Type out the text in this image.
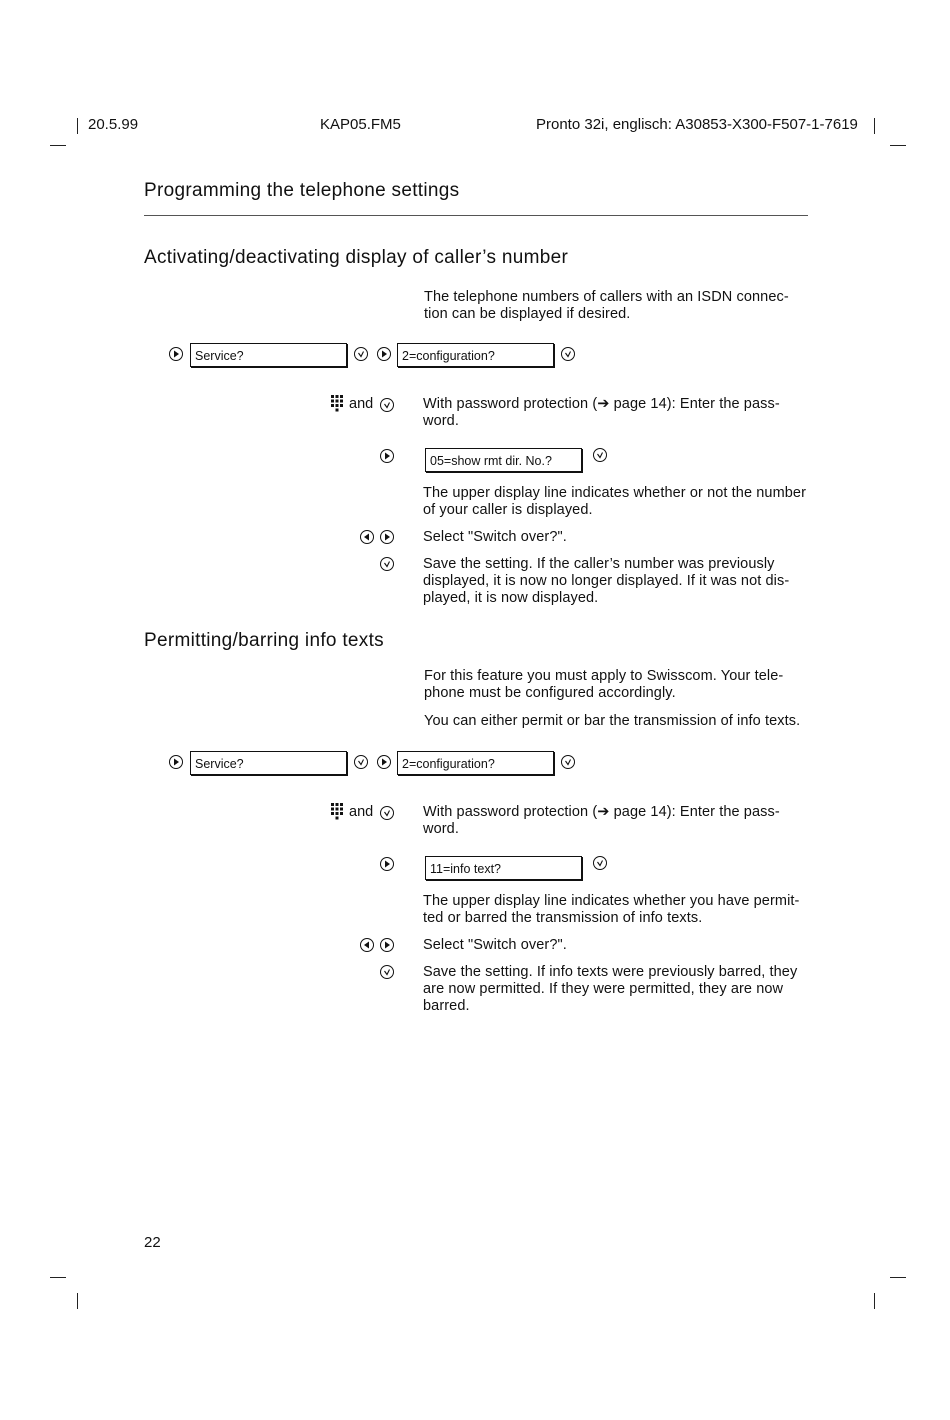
20.5.99	KAP05.FM5	Pronto 32i, englisch: A30853-X300-F507-1-7619
Programming the telephone settings
Activating/deactivating display of caller’s number
The telephone numbers of callers with an ISDN connec- tion can be displayed if desired.
Service?	2=configuration?
and	With password protection (➔ page 14): Enter the pass- word.
05=show rmt dir. No.?
The upper display line indicates whether or not the number of your caller is displayed.
Select "Switch over?".
Save the setting. If the caller’s number was previously displayed, it is now no longer displayed. If it was not dis- played, it is now displayed.
Permitting/barring info texts
For this feature you must apply to Swisscom. Your tele- phone must be configured accordingly.
You can either permit or bar the transmission of info texts.
Service?	2=configuration?
and	With password protection (➔ page 14): Enter the pass- word.
11=info text?
The upper display line indicates whether you have permit- ted or barred the transmission of info texts.
Select "Switch over?".
Save the setting. If info texts were previously barred, they are now permitted. If they were permitted, they are now barred.
22
